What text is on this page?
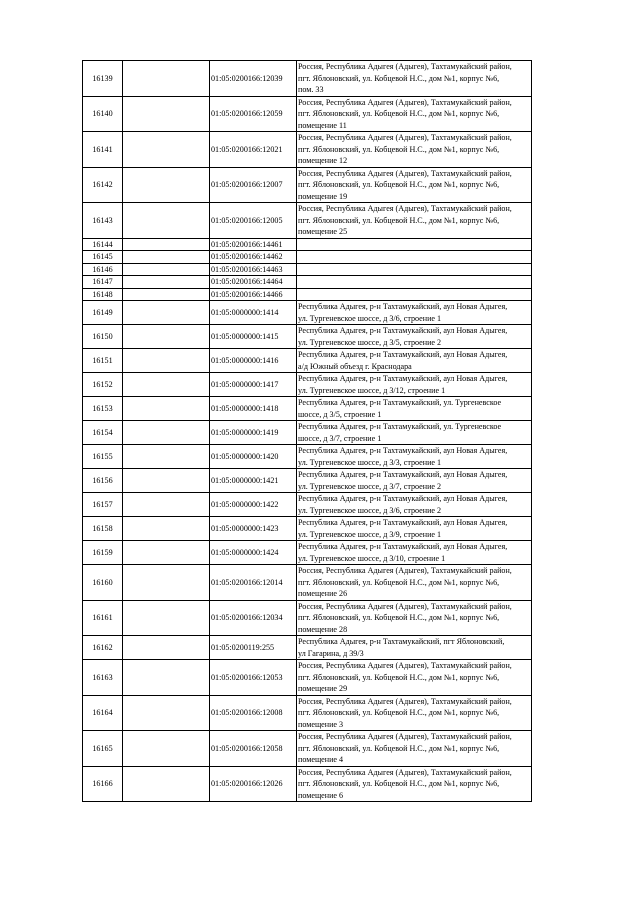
16139		01:05:0200166:12039	Россия, Республика Адыгея (Адыгея), Тахтамукайский район,
пгт. Яблоновский, ул. Кобцевой Н.С., дом №1, корпус №6,
пом. 33

16140		01:05:0200166:12059	Россия, Республика Адыгея (Адыгея), Тахтамукайский район,
пгт. Яблоновский, ул. Кобцевой Н.С., дом №1, корпус №6,
помещение 11

16141		01:05:0200166:12021	Россия, Республика Адыгея (Адыгея), Тахтамукайский район,
пгт. Яблоновский, ул. Кобцевой Н.С., дом №1, корпус №6,
помещение 12

16142		01:05:0200166:12007	Россия, Республика Адыгея (Адыгея), Тахтамукайский район,
пгт. Яблоновский, ул. Кобцевой Н.С., дом №1, корпус №6,
помещение 19

16143		01:05:0200166:12005	Россия, Республика Адыгея (Адыгея), Тахтамукайский район,
пгт. Яблоновский, ул. Кобцевой Н.С., дом №1, корпус №6,
помещение 25

16144		01:05:0200166:14461	
16145		01:05:0200166:14462	
16146		01:05:0200166:14463	
16147		01:05:0200166:14464	
16148		01:05:0200166:14466	
16149		01:05:0000000:1414	Республика Адыгея, р-н Тахтамукайский, аул Новая Адыгея,
ул. Тургеневское шоссе, д 3/6, строение 1

16150		01:05:0000000:1415	Республика Адыгея, р-н Тахтамукайский, аул Новая Адыгея,
ул. Тургеневское шоссе, д 3/5, строение 2

16151		01:05:0000000:1416	Республика Адыгея, р-н Тахтамукайский, аул Новая Адыгея,
а/д Южный объезд г. Краснодара

16152		01:05:0000000:1417	Республика Адыгея, р-н Тахтамукайский, аул Новая Адыгея,
ул. Тургеневское шоссе, д 3/12, строение 1

16153		01:05:0000000:1418	Республика Адыгея, р-н Тахтамукайский, ул. Тургеневское
шоссе, д 3/5, строение 1

16154		01:05:0000000:1419	Республика Адыгея, р-н Тахтамукайский, ул. Тургеневское
шоссе, д 3/7, строение 1

16155		01:05:0000000:1420	Республика Адыгея, р-н Тахтамукайский, аул Новая Адыгея,
ул. Тургеневское шоссе, д 3/3, строение 1

16156		01:05:0000000:1421	Республика Адыгея, р-н Тахтамукайский, аул Новая Адыгея,
ул. Тургеневское шоссе, д 3/7, строение 2

16157		01:05:0000000:1422	Республика Адыгея, р-н Тахтамукайский, аул Новая Адыгея,
ул. Тургеневское шоссе, д 3/6, строение 2

16158		01:05:0000000:1423	Республика Адыгея, р-н Тахтамукайский, аул Новая Адыгея,
ул. Тургеневское шоссе, д 3/9, строение 1

16159		01:05:0000000:1424	Республика Адыгея, р-н Тахтамукайский, аул Новая Адыгея,
ул. Тургеневское шоссе, д 3/10, строение 1

16160		01:05:0200166:12014	Россия, Республика Адыгея (Адыгея), Тахтамукайский район,
пгт. Яблоновский, ул. Кобцевой Н.С., дом №1, корпус №6,
помещение 26

16161		01:05:0200166:12034	Россия, Республика Адыгея (Адыгея), Тахтамукайский район,
пгт. Яблоновский, ул. Кобцевой Н.С., дом №1, корпус №6,
помещение 28

16162		01:05:0200119:255	Республика Адыгея, р-н Тахтамукайский, пгт Яблоновский,
ул Гагарина, д 39/3

16163		01:05:0200166:12053	Россия, Республика Адыгея (Адыгея), Тахтамукайский район,
пгт. Яблоновский, ул. Кобцевой Н.С., дом №1, корпус №6,
помещение 29

16164		01:05:0200166:12008	Россия, Республика Адыгея (Адыгея), Тахтамукайский район,
пгт. Яблоновский, ул. Кобцевой Н.С., дом №1, корпус №6,
помещение 3

16165		01:05:0200166:12058	Россия, Республика Адыгея (Адыгея), Тахтамукайский район,
пгт. Яблоновский, ул. Кобцевой Н.С., дом №1, корпус №6,
помещение 4

16166		01:05:0200166:12026	Россия, Республика Адыгея (Адыгея), Тахтамукайский район,
пгт. Яблоновский, ул. Кобцевой Н.С., дом №1, корпус №6,
помещение 6
